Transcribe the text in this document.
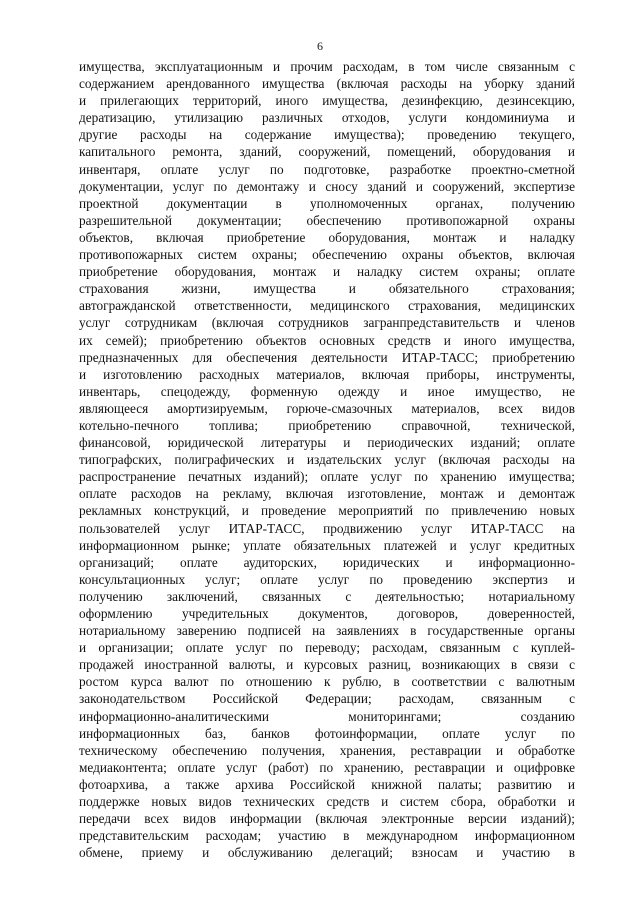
6
имущества, эксплуатационным и прочим расходам, в том числе связанным с
содержанием арендованного имущества (включая расходы на уборку зданий
и прилегающих территорий, иного имущества, дезинфекцию, дезинсекцию,
дератизацию, утилизацию различных отходов, услуги кондоминиума и
другие расходы на содержание имущества); проведению текущего,
капитального ремонта, зданий, сооружений, помещений, оборудования и
инвентаря, оплате услуг по подготовке, разработке проектно-сметной
документации, услуг по демонтажу и сносу зданий и сооружений, экспертизе
проектной документации в уполномоченных органах, получению
разрешительной документации; обеспечению противопожарной охраны
объектов, включая приобретение оборудования, монтаж и наладку
противопожарных систем охраны; обеспечению охраны объектов, включая
приобретение оборудования, монтаж и наладку систем охраны; оплате
страхования жизни, имущества и обязательного страхования;
автогражданской ответственности, медицинского страхования, медицинских
услуг сотрудникам (включая сотрудников загранпредставительств и членов
их семей); приобретению объектов основных средств и иного имущества,
предназначенных для обеспечения деятельности ИТАР-ТАСС; приобретению
и изготовлению расходных материалов, включая приборы, инструменты,
инвентарь, спецодежду, форменную одежду и иное имущество, не
являющееся амортизируемым, горюче-смазочных материалов, всех видов
котельно-печного топлива; приобретению справочной, технической,
финансовой, юридической литературы и периодических изданий; оплате
типографских, полиграфических и издательских услуг (включая расходы на
распространение печатных изданий); оплате услуг по хранению имущества;
оплате расходов на рекламу, включая изготовление, монтаж и демонтаж
рекламных конструкций, и проведение мероприятий по привлечению новых
пользователей услуг ИТАР-ТАСС, продвижению услуг ИТАР-ТАСС на
информационном рынке; уплате обязательных платежей и услуг кредитных
организаций; оплате аудиторских, юридических и информационно-
консультационных услуг; оплате услуг по проведению экспертиз и
получению заключений, связанных с деятельностью; нотариальному
оформлению учредительных документов, договоров, доверенностей,
нотариальному заверению подписей на заявлениях в государственные органы
и организации; оплате услуг по переводу; расходам, связанным с куплей-
продажей иностранной валюты, и курсовых разниц, возникающих в связи с
ростом курса валют по отношению к рублю, в соответствии с валютным
законодательством Российской Федерации; расходам, связанным с
информационно-аналитическими мониторингами; созданию
информационных баз, банков фотоинформации, оплате услуг по
техническому обеспечению получения, хранения, реставрации и обработке
медиаконтента; оплате услуг (работ) по хранению, реставрации и оцифровке
фотоархива, а также архива Российской книжной палаты; развитию и
поддержке новых видов технических средств и систем сбора, обработки и
передачи всех видов информации (включая электронные версии изданий);
представительским расходам; участию в международном информационном
обмене, приему и обслуживанию делегаций; взносам и участию в
